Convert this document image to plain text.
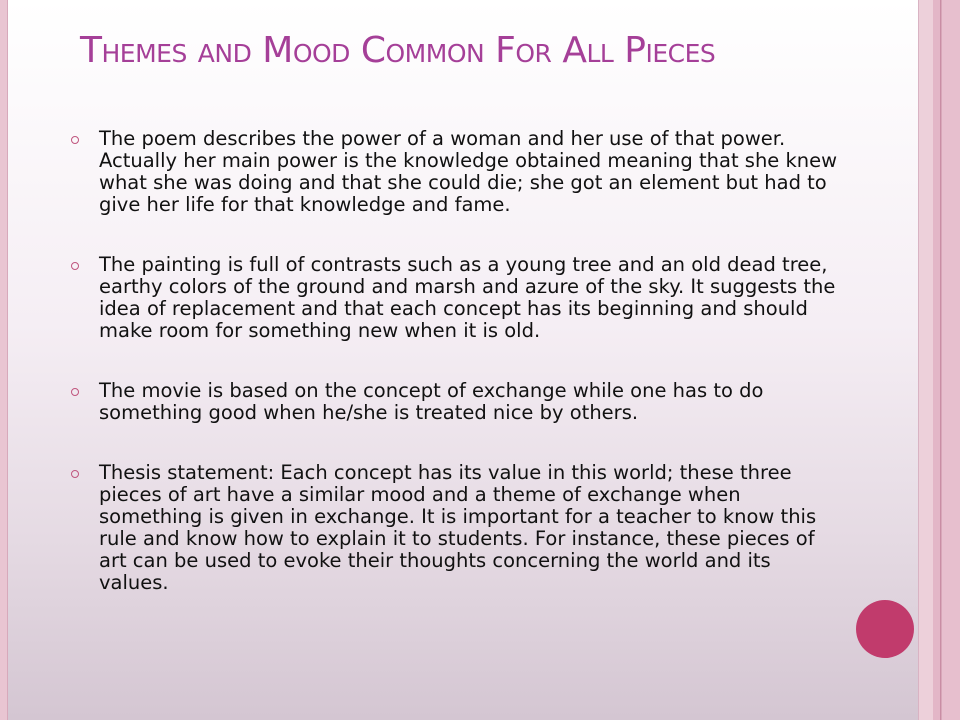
Themes and Mood Common For All Pieces
The poem describes the power of a woman and her use of that power. Actually her main power is the knowledge obtained meaning that she knew what she was doing and that she could die; she got an element but had to give her life for that knowledge and fame.
The painting is full of contrasts such as a young tree and an old dead tree, earthy colors of the ground and marsh and azure of the sky. It suggests the idea of replacement and that each concept has its beginning and should make room for something new when it is old.
The movie is based on the concept of exchange while one has to do something good when he/she is treated nice by others.
Thesis statement: Each concept has its value in this world; these three pieces of art have a similar mood and a theme of exchange when something is given in exchange. It is important for a teacher to know this rule and know how to explain it to students. For instance, these pieces of art can be used to evoke their thoughts concerning the world and its values.
